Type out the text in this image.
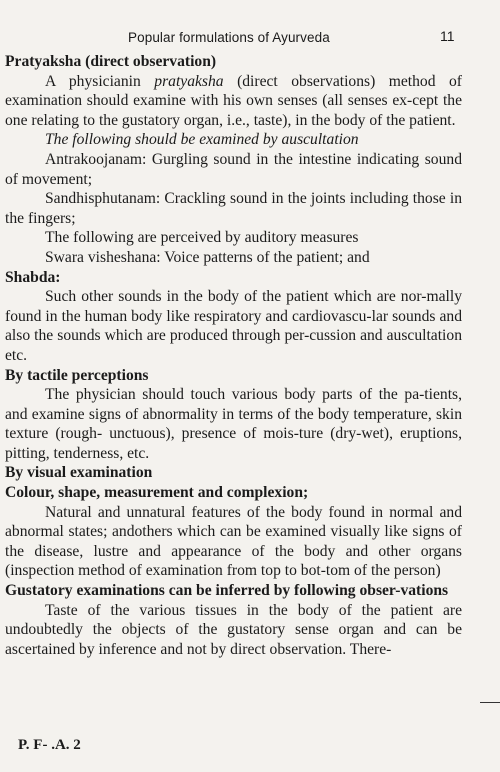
Popular formulations of Ayurveda	11

Pratyaksha (direct observation)

A physicianin pratyaksha (direct observations) method of examination should examine with his own senses (all senses ex-cept the one relating to the gustatory organ, i.e., taste), in the body of the patient.

The following should be examined by auscultation

Antrakoojanam: Gurgling sound in the intestine indicating sound of movement;

Sandhisphutanam: Crackling sound in the joints including those in the fingers;

The following are perceived by auditory measures

Swara visheshana: Voice patterns of the patient; and

Shabda:

Such other sounds in the body of the patient which are nor-mally found in the human body like respiratory and cardiovascu-lar sounds and also the sounds which are produced through per-cussion and auscultation etc.

By tactile perceptions

The physician should touch various body parts of the pa-tients, and examine signs of abnormality in terms of the body temperature, skin texture (rough- unctuous), presence of mois-ture (dry-wet), eruptions, pitting, tenderness, etc.

By visual examination

Colour, shape, measurement and complexion;

Natural and unnatural features of the body found in normal and abnormal states; andothers which can be examined visually like signs of the disease, lustre and appearance of the body and other organs (inspection method of examination from top to bot-tom of the person)

Gustatory examinations can be inferred by following obser-vations

Taste of the various tissues in the body of the patient are undoubtedly the objects of the gustatory sense organ and can be ascertained by inference and not by direct observation. There-

P. F- .A. 2
